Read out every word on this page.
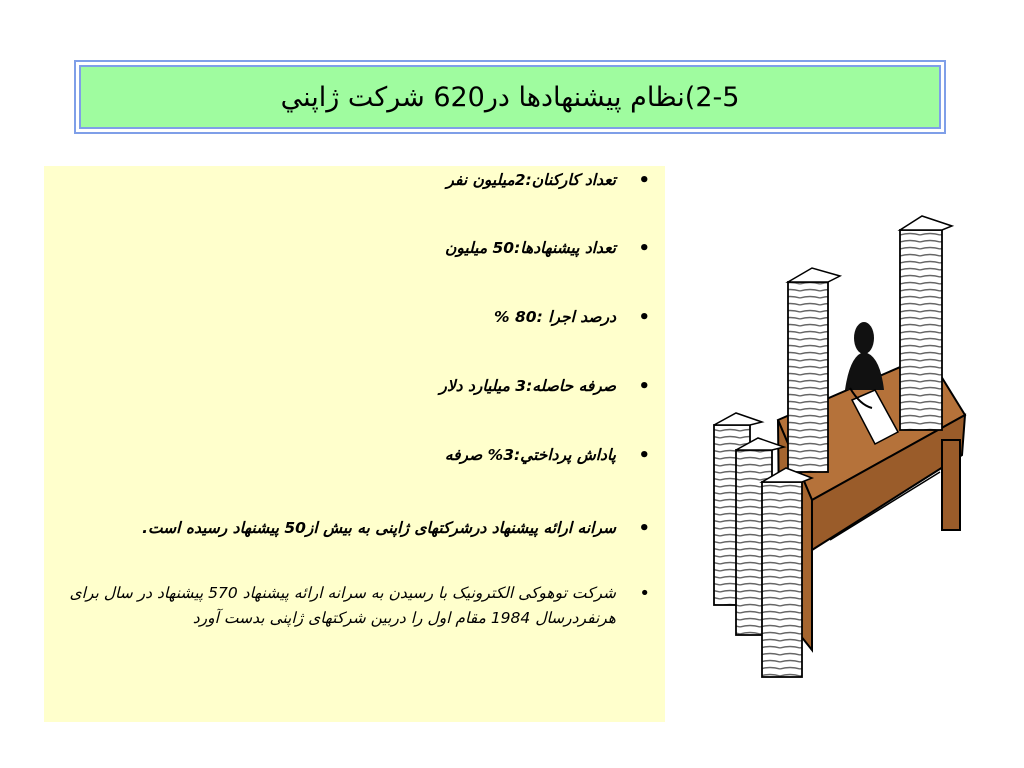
2-5)نظام پيشنهادها در620 شركت ژاپني
•
تعداد کارکنان:2میلیون نفر
•
تعداد پیشنهادها:50 میلیون
•
درصد اجرا :80 %
•
صرفه حاصله:3 میلیارد دلار
•
پاداش پرداختي:3% صرفه
•
سرانه ارائه پیشنهاد درشرکتهای ژاپنی به بیش از50 پیشنهاد رسیده است.
•
شرکت توهوکی الکترونیک با رسیدن به سرانه ارائه پیشنهاد 570 پیشنهاد در سال برای هرنفردرسال 1984 مقام اول را دربین شرکتهای ژاپنی بدست آورد
